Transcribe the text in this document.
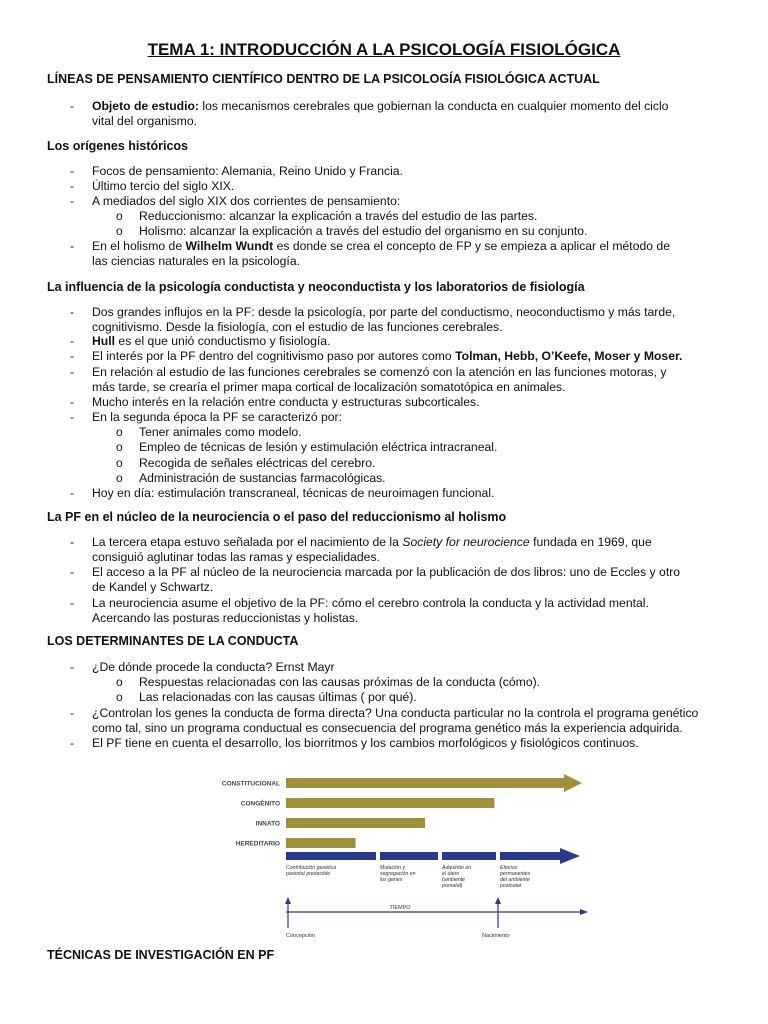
TEMA 1: INTRODUCCIÓN A LA PSICOLOGÍA FISIOLÓGICA
LÍNEAS DE PENSAMIENTO CIENTÍFICO DENTRO DE LA PSICOLOGÍA FISIOLÓGICA ACTUAL
- Objeto de estudio: los mecanismos cerebrales que gobiernan la conducta en cualquier momento del ciclo
vital del organismo.
Los orígenes históricos
- Focos de pensamiento: Alemania, Reino Unido y Francia.
- Último tercio del siglo XIX.
- A mediados del siglo XIX dos corrientes de pensamiento:
o Reduccionismo: alcanzar la explicación a través del estudio de las partes.
o Holismo: alcanzar la explicación a través del estudio del organismo en su conjunto.
- En el holismo de Wilhelm Wundt es donde se crea el concepto de FP y se empieza a aplicar el método de
las ciencias naturales en la psicología.
La influencia de la psicología conductista y neoconductista y los laboratorios de fisiología
- Dos grandes influjos en la PF: desde la psicología, por parte del conductismo, neoconductismo y más tarde,
cognitivismo. Desde la fisiología, con el estudio de las funciones cerebrales.
- Hull es el que unió conductismo y fisiología.
- El interés por la PF dentro del cognitivismo paso por autores como Tolman, Hebb, O’Keefe, Moser y Moser.
- En relación al estudio de las funciones cerebrales se comenzó con la atención en las funciones motoras, y
más tarde, se crearía el primer mapa cortical de localización somatotópica en animales.
- Mucho interés en la relación entre conducta y estructuras subcorticales.
- En la segunda época la PF se caracterizó por:
o Tener animales como modelo.
o Empleo de técnicas de lesión y estimulación eléctrica intracraneal.
o Recogida de señales eléctricas del cerebro.
o Administración de sustancias farmacológicas.
- Hoy en día: estimulación transcraneal, técnicas de neuroimagen funcional.
La PF en el núcleo de la neurociencia o el paso del reduccionismo al holismo
- La tercera etapa estuvo señalada por el nacimiento de la Society for neurocience fundada en 1969, que
consiguió aglutinar todas las ramas y especialidades.
- El acceso a la PF al núcleo de la neurociencia marcada por la publicación de dos libros: uno de Eccles y otro
de Kandel y Schwartz.
- La neurociencia asume el objetivo de la PF: cómo el cerebro controla la conducta y la actividad mental.
Acercando las posturas reduccionistas y holistas.
LOS DETERMINANTES DE LA CONDUCTA
- ¿De dónde procede la conducta? Ernst Mayr
o Respuestas relacionadas con las causas próximas de la conducta (cómo).
o Las relacionadas con las causas últimas ( por qué).
- ¿Controlan los genes la conducta de forma directa? Una conducta particular no la controla el programa genético
como tal, sino un programa conductual es consecuencia del programa genético más la experiencia adquirida.
- El PF tiene en cuenta el desarrollo, los biorritmos y los cambios morfológicos y fisiológicos continuos.
CONSTITUCIONAL
CONGÉNITO
INNATO
HEREDITARIO
Contribución genética parental predecible
Mutación y segregación en los genes
Adquirido en el útero (ambiente prenatal)
Efectos permanentes del ambiente postnatal
TIEMPO
Concepción	Nacimiento
TÉCNICAS DE INVESTIGACIÓN EN PF
